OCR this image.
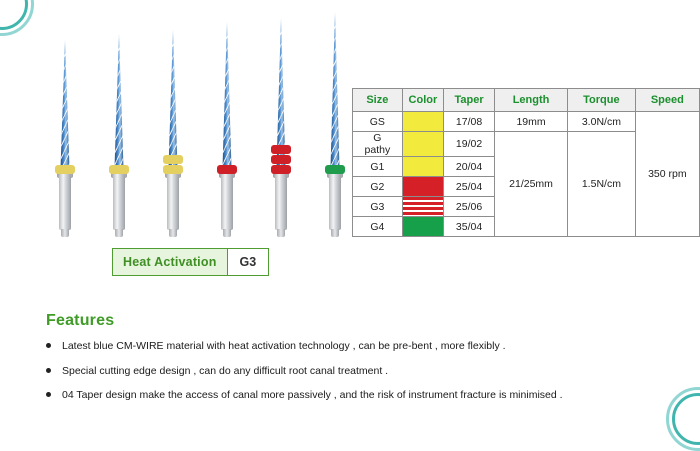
Heat Activation	G3
Size	Color	Taper	Length	Torque	Speed
GS		17/08	19mm	3.0N/cm	350 rpm
G pathy		19/02	21/25mm	1.5N/cm	
G1		20/04			
G2		25/04			
G3		25/06			
G4		35/04			
Features
Latest blue CM-WIRE material with heat activation technology , can be pre-bent , more flexibly .
Special cutting edge design , can do any difficult root canal treatment .
04 Taper design make the access of canal more passively , and the risk of instrument fracture is minimised .
